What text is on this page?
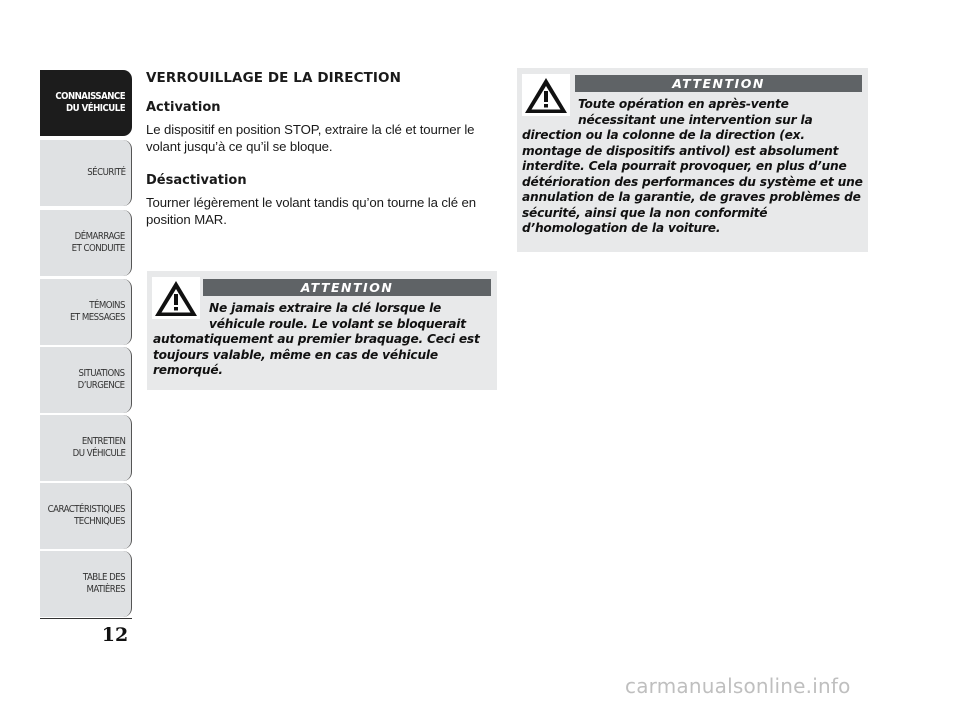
CONNAISSANCE
DU VÉHICULE
SÉCURITÉ
DÉMARRAGE
ET CONDUITE
TÉMOINS
ET MESSAGES
SITUATIONS
D’URGENCE
ENTRETIEN
DU VÉHICULE
CARACTÉRISTIQUES
TECHNIQUES
TABLE DES
MATIÈRES
12
VERROUILLAGE DE LA DIRECTION
Activation

Le dispositif en position STOP, extraire la clé et tourner le volant jusqu’à ce qu’il se bloque.

Désactivation

Tourner légèrement le volant tandis qu’on tourne la clé en position MAR.

ATTENTION

Ne jamais extraire la clé lorsque le véhicule roule. Le volant se bloquerait
automatiquement au premier braquage. Ceci est toujours valable, même en cas de véhicule remorqué.

ATTENTION

Toute opération en après-vente nécessitant une intervention sur la
direction ou la colonne de la direction (ex. montage de dispositifs antivol) est absolument interdite. Cela pourrait provoquer, en plus d’une détérioration des performances du système et une annulation de la garantie, de graves problèmes de sécurité, ainsi que la non conformité d’homologation de la voiture.

carmanualsonline.info
